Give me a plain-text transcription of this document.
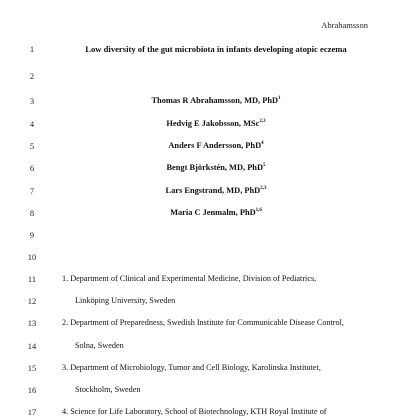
Abrahamsson
1
2
3
4
5
6
7
8
9
10
11
12
13
14
15
16
17
Low diversity of the gut microbiota in infants developing atopic eczema
Thomas R Abrahamsson, MD, PhD$^1$
Hedvig E Jakobsson, MSc$^{2,3}$
Anders F Andersson, PhD$^4$
Bengt Björkstén, MD, PhD$^5$
Lars Engstrand, MD, PhD$^{2,3}$
Maria C Jenmalm, PhD$^{1,6}$
1. Department of Clinical and Experimental Medicine, Division of Pediatrics,
Linköping University, Sweden
2. Department of Preparedness, Swedish Institute for Communicable Disease Control,
Solna, Sweden
3. Department of Microbiology, Tumor and Cell Biology, Karolinska Institutet,
Stockholm, Sweden
4. Science for Life Laboratory, School of Biotechnology, KTH Royal Institute of
